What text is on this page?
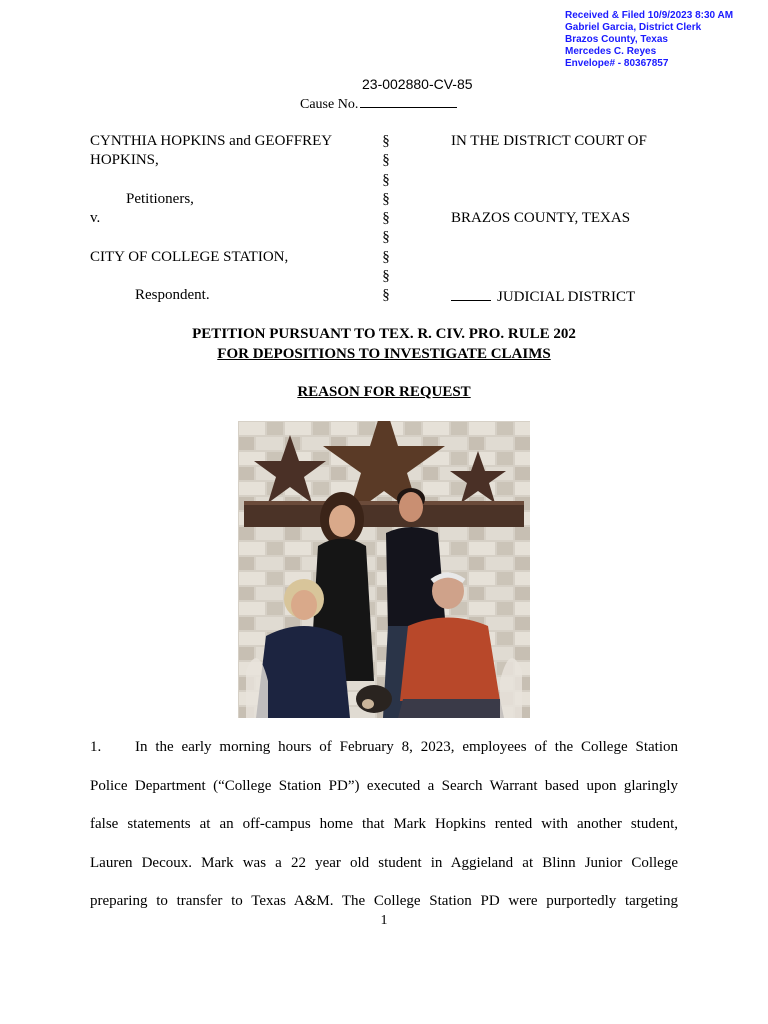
Received & Filed 10/9/2023 8:30 AM
Gabriel Garcia, District Clerk
Brazos County, Texas
Mercedes C. Reyes
Envelope# - 80367857
23-002880-CV-85
Cause No.
CYNTHIA HOPKINS and GEOFFREY
HOPKINS,
Petitioners,
v.
CITY OF COLLEGE STATION,
Respondent.
§
§
§
§
§
§
§
§
§
IN THE DISTRICT COURT OF
BRAZOS COUNTY, TEXAS
JUDICIAL DISTRICT
PETITION PURSUANT TO TEX. R. CIV. PRO. RULE 202
FOR DEPOSITIONS TO INVESTIGATE CLAIMS
REASON FOR REQUEST

1. In the early morning hours of February 8, 2023, employees of the College Station

Police Department (“College Station PD”) executed a Search Warrant based upon glaringly

false statements at an off-campus home that Mark Hopkins rented with another student,

Lauren Decoux. Mark was a 22 year old student in Aggieland at Blinn Junior College

preparing to transfer to Texas A&M. The College Station PD were purportedly targeting

1
